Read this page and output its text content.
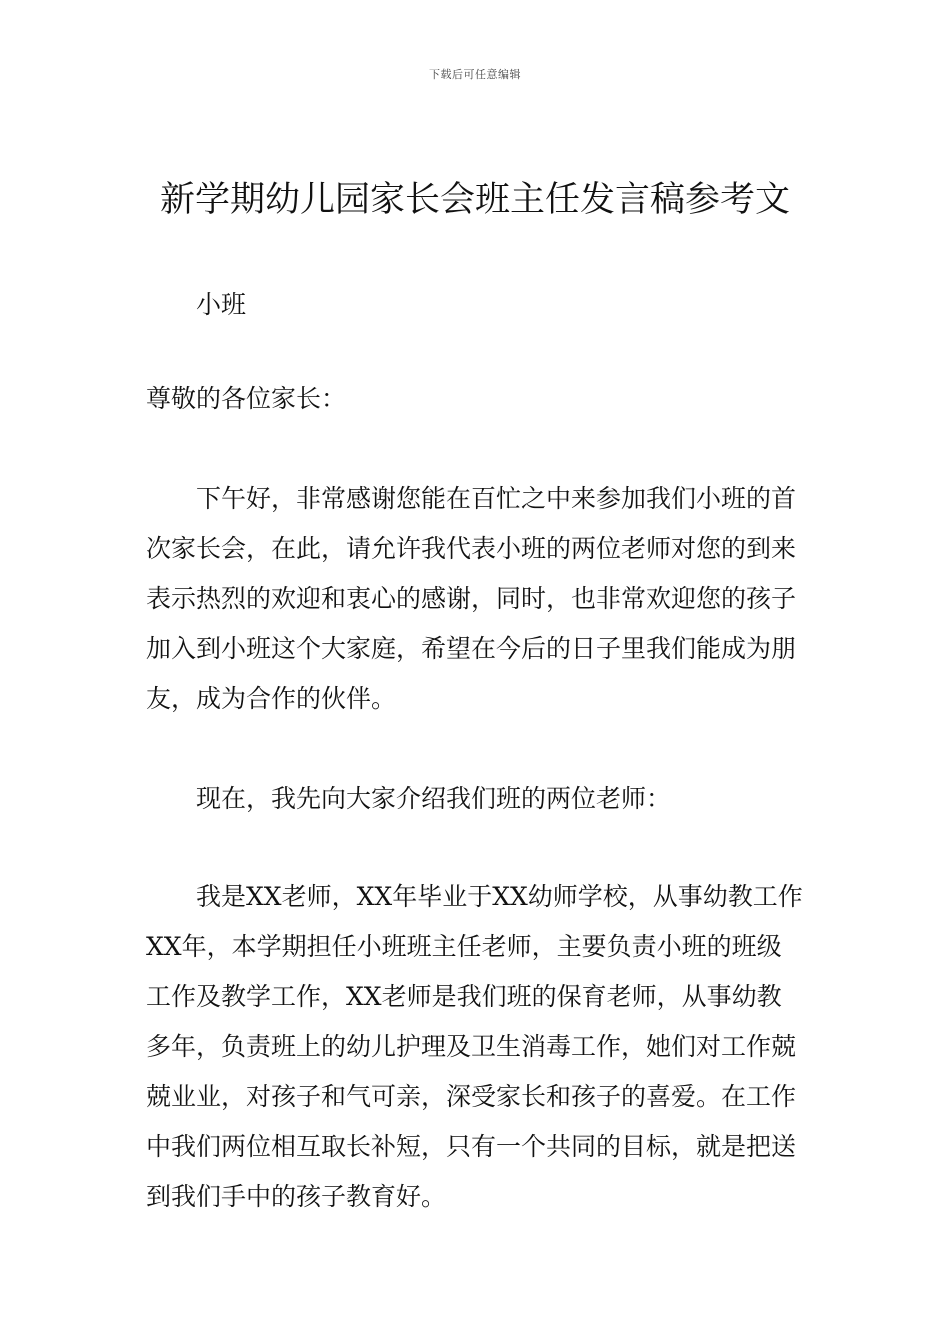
下载后可任意编辑
新学期幼儿园家长会班主任发言稿参考文

小班

尊敬的各位家长：

下午好，非常感谢您能在百忙之中来参加我们小班的首次家长会，在此，请允许我代表小班的两位老师对您的到来表示热烈的欢迎和衷心的感谢，同时，也非常欢迎您的孩子加入到小班这个大家庭，希望在今后的日子里我们能成为朋友，成为合作的伙伴。

现在，我先向大家介绍我们班的两位老师：

我是XX老师，XX年毕业于XX幼师学校，从事幼教工作XX年，本学期担任小班班主任老师，主要负责小班的班级工作及教学工作，XX老师是我们班的保育老师，从事幼教多年，负责班上的幼儿护理及卫生消毒工作，她们对工作兢兢业业，对孩子和气可亲，深受家长和孩子的喜爱。在工作中我们两位相互取长补短，只有一个共同的目标，就是把送到我们手中的孩子教育好。
